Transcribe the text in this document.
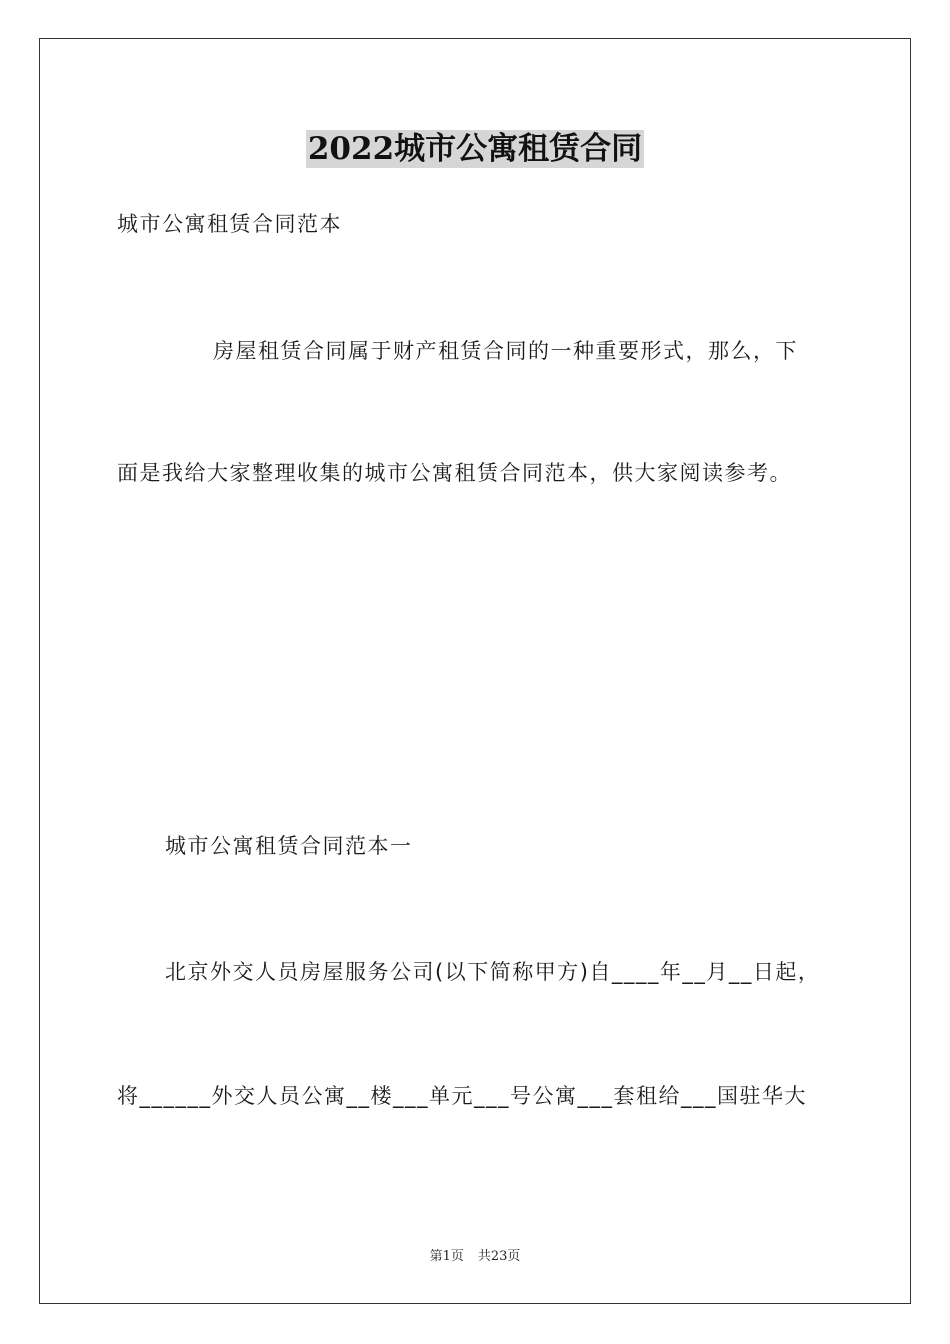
2022城市公寓租赁合同
城市公寓租赁合同范本
房屋租赁合同属于财产租赁合同的一种重要形式，那么，下
面是我给大家整理收集的城市公寓租赁合同范本，供大家阅读参考。
城市公寓租赁合同范本一
北京外交人员房屋服务公司(以下简称甲方)自____年__月__日起，
将______外交人员公寓__楼___单元___号公寓___套租给___国驻华大
第1页 共23页
